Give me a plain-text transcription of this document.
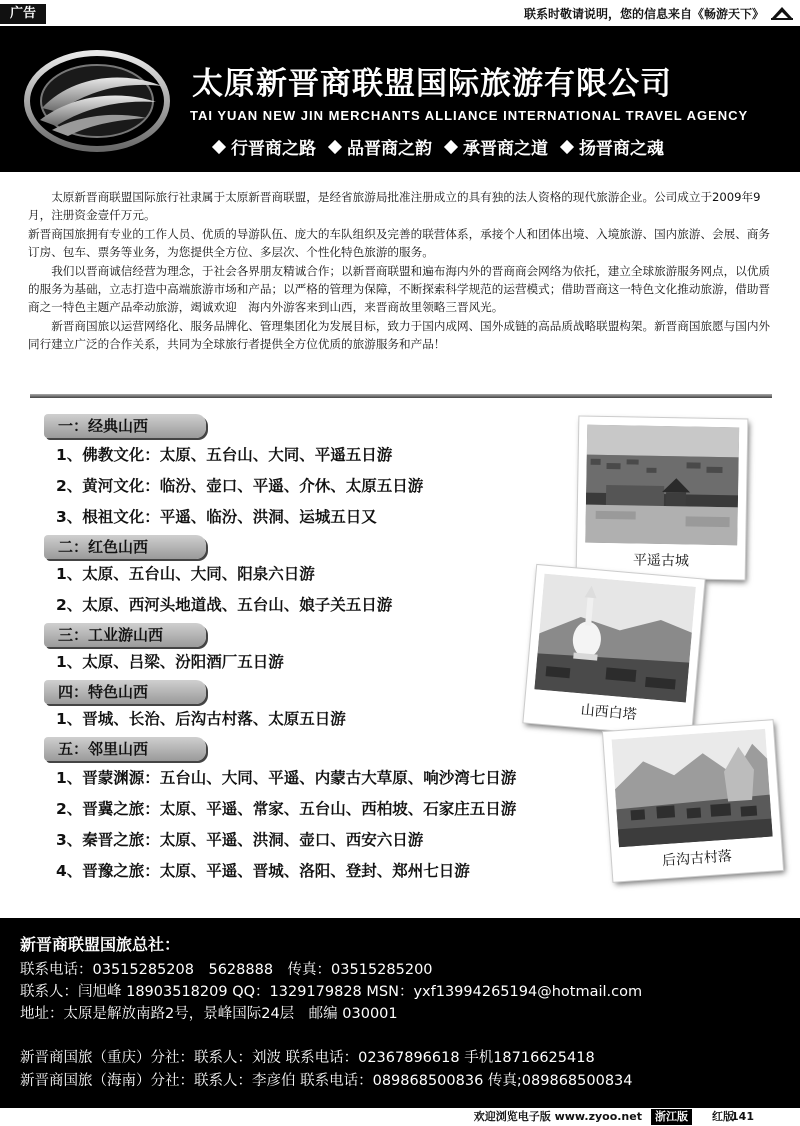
广告	联系时敬请说明，您的信息来自《畅游天下》
太原新晋商联盟国际旅游有限公司
TAI YUAN NEW JIN MERCHANTS ALLIANCE INTERNATIONAL TRAVEL AGENCY
行晋商之路 品晋商之韵 承晋商之道 扬晋商之魂

太原新晋商联盟国际旅行社隶属于太原新晋商联盟，是经省旅游局批准注册成立的具有独的法人资格的现代旅游企业。公司成立于2009年9月，注册资金壹仟万元。

新晋商国旅拥有专业的工作人员、优质的导游队伍、庞大的车队组织及完善的联营体系，承接个人和团体出境、入境旅游、国内旅游、会展、商务订房、包车、票务等业务，为您提供全方位、多层次、个性化特色旅游的服务。

我们以晋商诚信经营为理念，于社会各界朋友精诚合作；以新晋商联盟和遍布海内外的晋商商会网络为依托，建立全球旅游服务网点，以优质的服务为基础，立志打造中高端旅游市场和产品；以严格的管理为保障，不断探索科学规范的运营模式；借助晋商这一特色文化推动旅游，借助晋商之一特色主题产品牵动旅游，竭诚欢迎　海内外游客来到山西，来晋商故里领略三晋风光。

新晋商国旅以运营网络化、服务品牌化、管理集团化为发展目标，致力于国内成网、国外成链的高品质战略联盟构架。新晋商国旅愿与国内外同行建立广泛的合作关系，共同为全球旅行者提供全方位优质的旅游服务和产品！

一：经典山西
1、佛教文化：太原、五台山、大同、平遥五日游
2、黄河文化：临汾、壶口、平遥、介休、太原五日游
3、根祖文化：平遥、临汾、洪洞、运城五日又
二：红色山西
1、太原、五台山、大同、阳泉六日游
2、太原、西河头地道战、五台山、娘子关五日游
三：工业游山西
1、太原、吕梁、汾阳酒厂五日游
四：特色山西
1、晋城、长治、后沟古村落、太原五日游
五：邻里山西
1、晋蒙渊源：五台山、大同、平遥、内蒙古大草原、响沙湾七日游
2、晋冀之旅：太原、平遥、常家、五台山、西柏坡、石家庄五日游
3、秦晋之旅：太原、平遥、洪洞、壶口、西安六日游
4、晋豫之旅：太原、平遥、晋城、洛阳、登封、郑州七日游
平遥古城
山西白塔
后沟古村落
新晋商联盟国旅总社：
联系电话：03515285208　5628888　传真：03515285200
联系人：闫旭峰 18903518209 QQ：1329179828 MSN：yxf13994265194@hotmail.com
地址：太原是解放南路2号，景峰国际24层　邮编 030001
新晋商国旅（重庆）分社：联系人：刘波 联系电话：02367896618 手机18716625418
新晋商国旅（海南）分社：联系人：李彦伯 联系电话：089868500836 传真;089868500834
欢迎浏览电子版 www.zyoo.net	浙江版	红版
141
